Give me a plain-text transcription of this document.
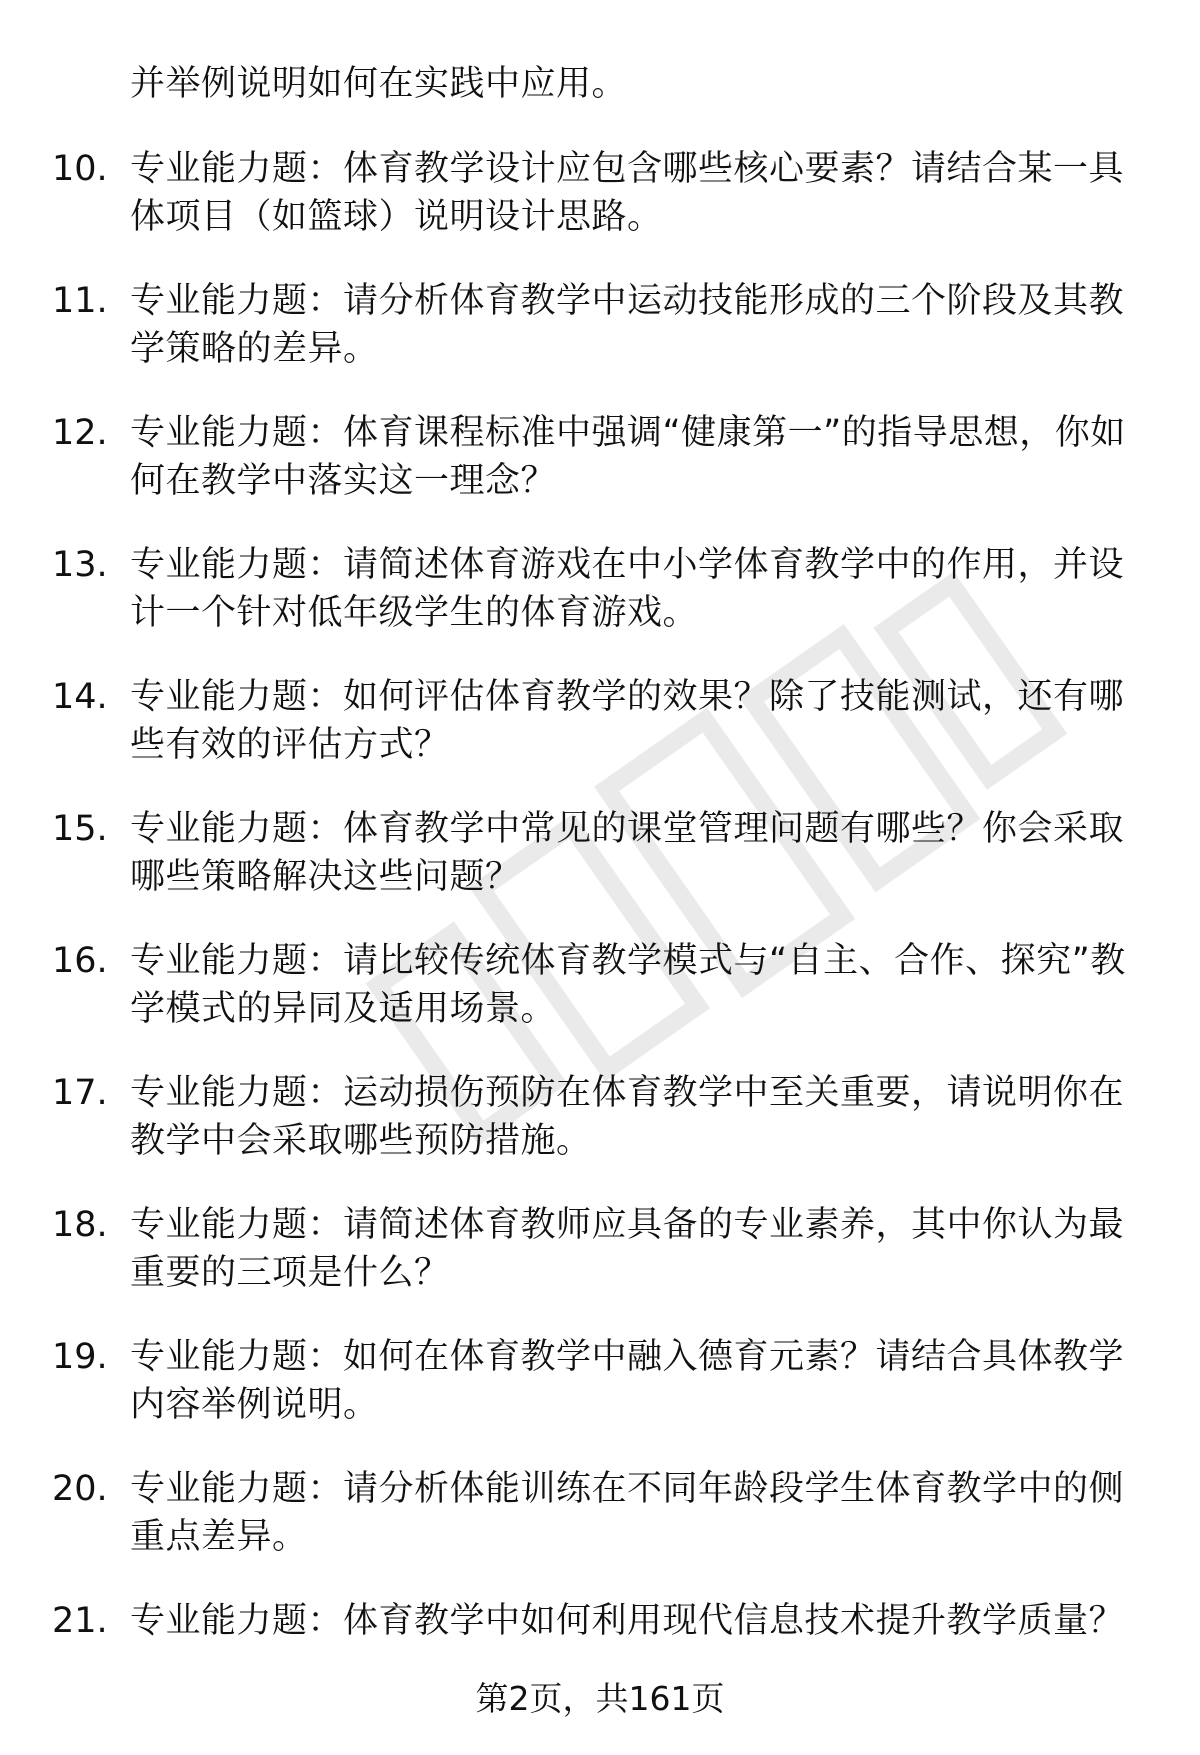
并举例说明如何在实践中应用。
10. 专业能力题：体育教学设计应包含哪些核心要素？请结合某一具体项目（如篮球）说明设计思路。
11. 专业能力题：请分析体育教学中运动技能形成的三个阶段及其教学策略的差异。
12. 专业能力题：体育课程标准中强调“健康第一”的指导思想，你如何在教学中落实这一理念？
13. 专业能力题：请简述体育游戏在中小学体育教学中的作用，并设计一个针对低年级学生的体育游戏。
14. 专业能力题：如何评估体育教学的效果？除了技能测试，还有哪些有效的评估方式？
15. 专业能力题：体育教学中常见的课堂管理问题有哪些？你会采取哪些策略解决这些问题？
16. 专业能力题：请比较传统体育教学模式与“自主、合作、探究”教学模式的异同及适用场景。
17. 专业能力题：运动损伤预防在体育教学中至关重要，请说明你在教学中会采取哪些预防措施。
18. 专业能力题：请简述体育教师应具备的专业素养，其中你认为最重要的三项是什么？
19. 专业能力题：如何在体育教学中融入德育元素？请结合具体教学内容举例说明。
20. 专业能力题：请分析体能训练在不同年龄段学生体育教学中的侧重点差异。
21. 专业能力题：体育教学中如何利用现代信息技术提升教学质量？
第2页，共161页
